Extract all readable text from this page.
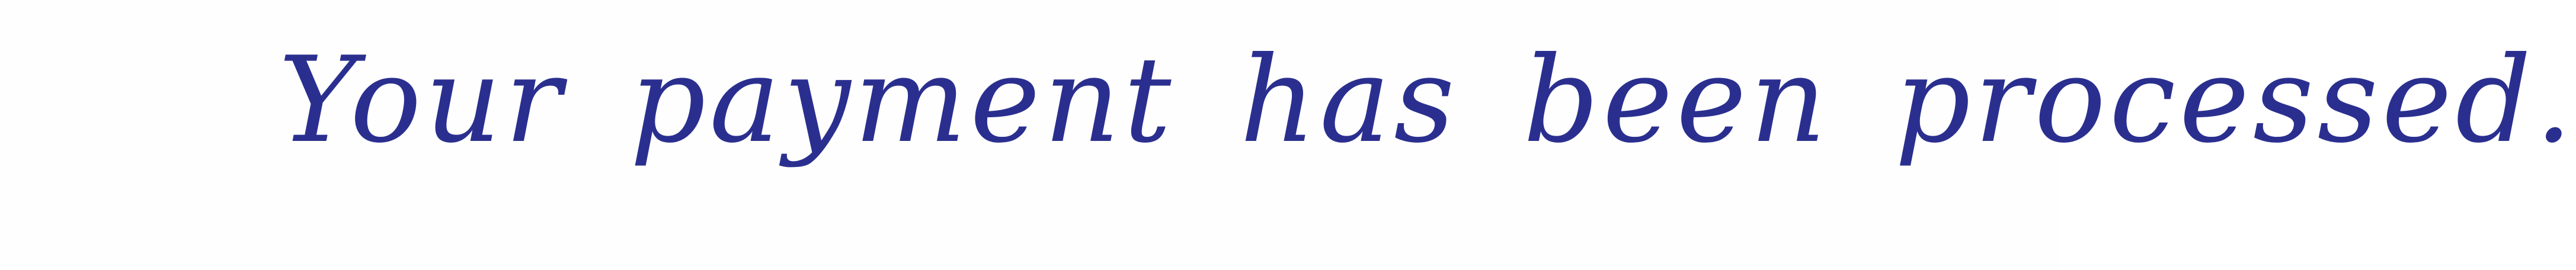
Your payment has been processed.
